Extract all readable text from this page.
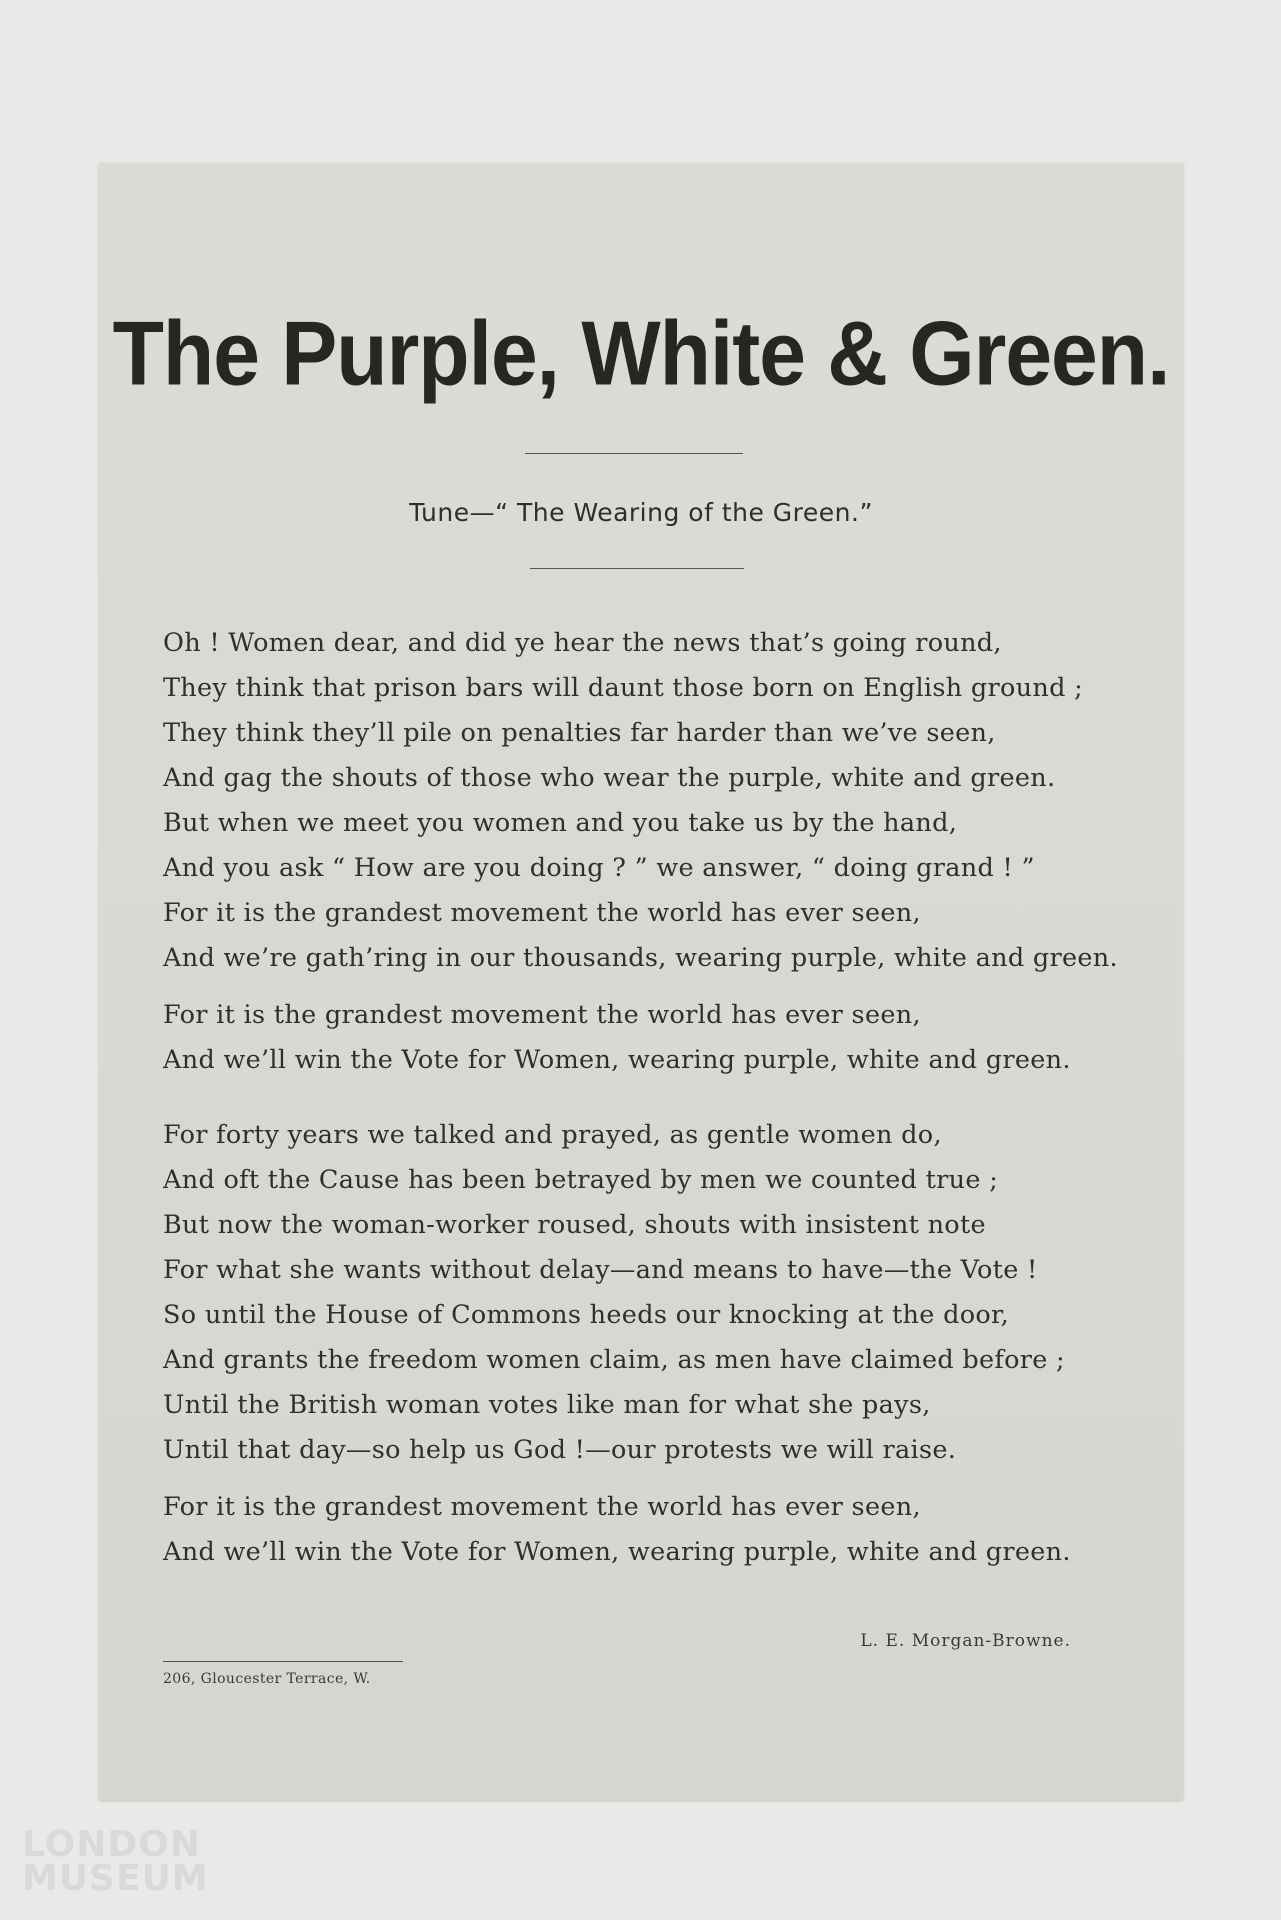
The Purple, White & Green.
Tune—“ The Wearing of the Green.”
Oh ! Women dear, and did ye hear the news that’s going round,
They think that prison bars will daunt those born on English ground ;
They think they’ll pile on penalties far harder than we’ve seen,
And gag the shouts of those who wear the purple, white and green.
But when we meet you women and you take us by the hand,
And you ask “ How are you doing ? ” we answer, “ doing grand ! ”
For it is the grandest movement the world has ever seen,
And we’re gath’ring in our thousands, wearing purple, white and green.
For it is the grandest movement the world has ever seen,
And we’ll win the Vote for Women, wearing purple, white and green.
For forty years we talked and prayed, as gentle women do,
And oft the Cause has been betrayed by men we counted true ;
But now the woman-worker roused, shouts with insistent note
For what she wants without delay—and means to have—the Vote !
So until the House of Commons heeds our knocking at the door,
And grants the freedom women claim, as men have claimed before ;
Until the British woman votes like man for what she pays,
Until that day—so help us God !—our protests we will raise.
For it is the grandest movement the world has ever seen,
And we’ll win the Vote for Women, wearing purple, white and green.
L. E. Morgan-Browne.
206, Gloucester Terrace, W.
LONDON
MUSEUM
